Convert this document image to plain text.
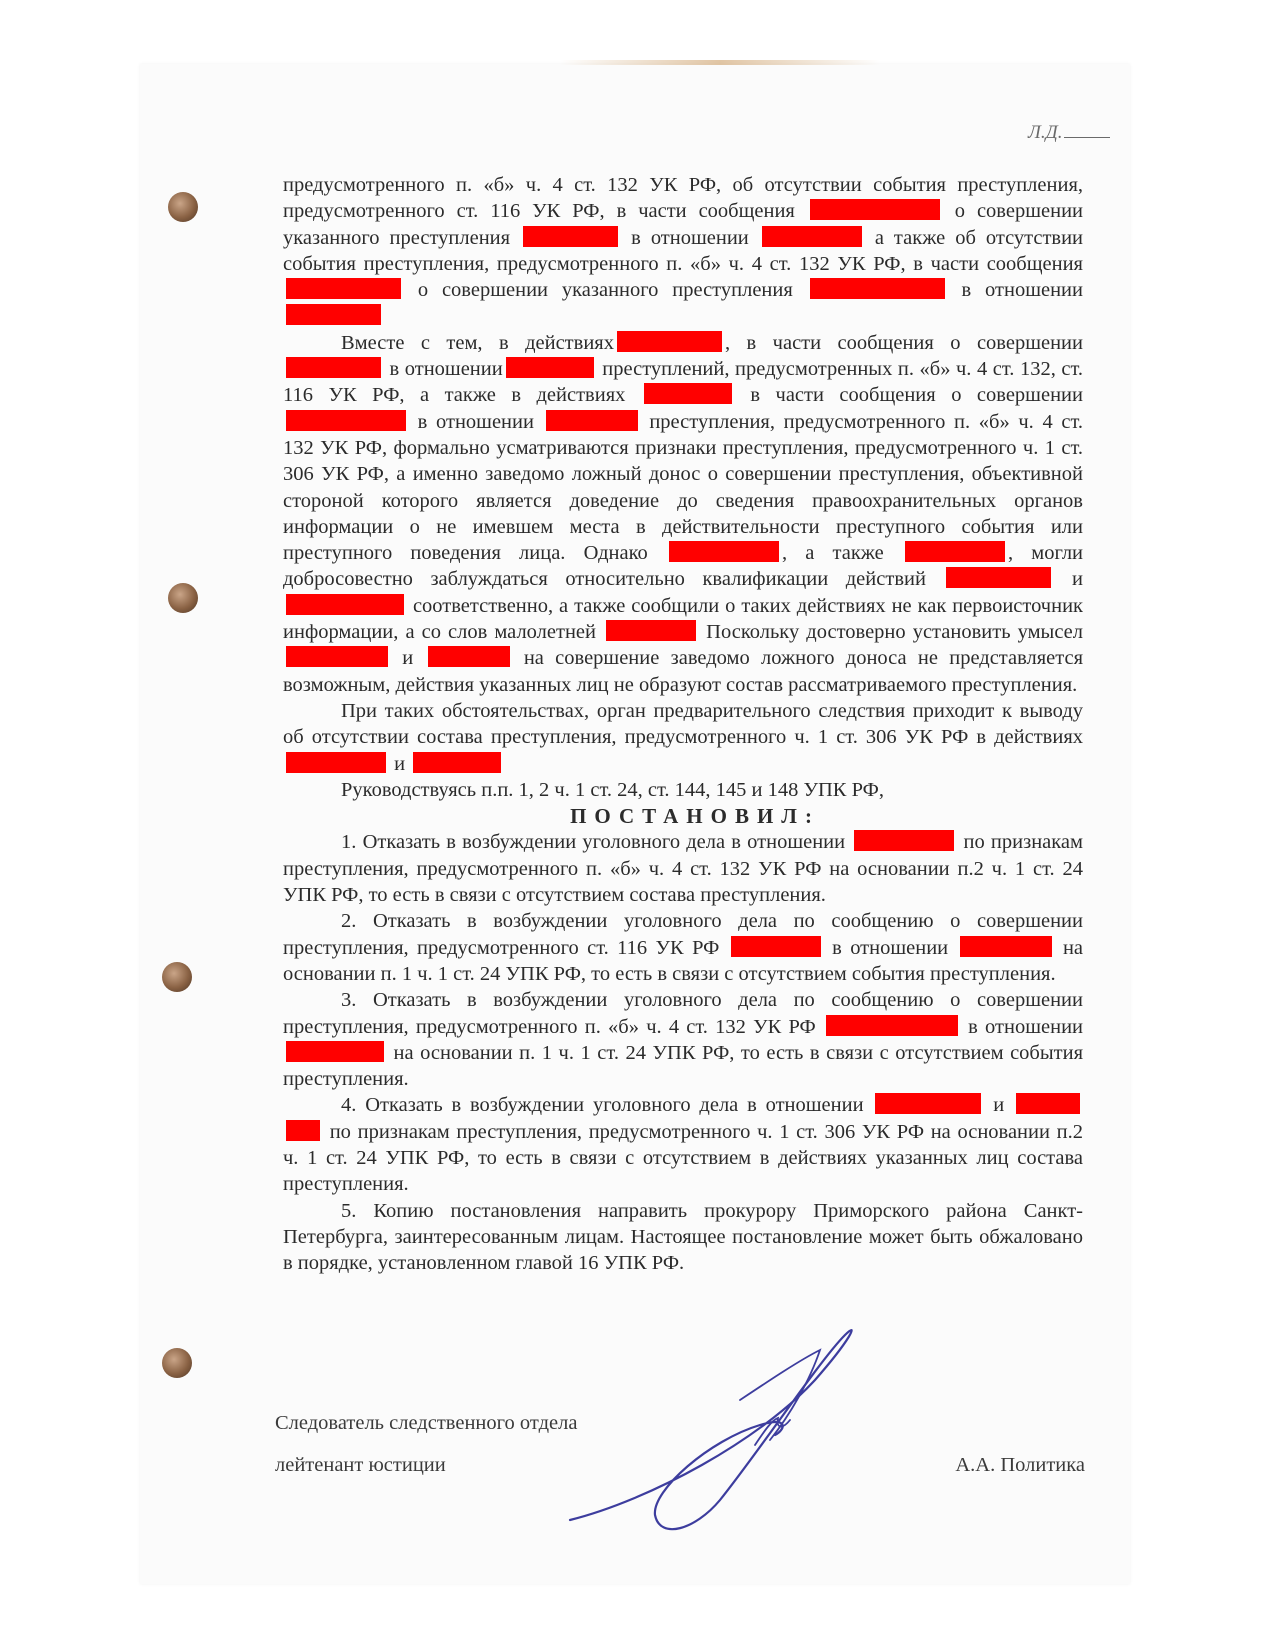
Л.Д.

предусмотренного п. «б» ч. 4 ст. 132 УК РФ, об отсутствии события преступления, предусмотренного ст. 116 УК РФ, в части сообщения	о совершении указанного преступления	в отношении	а также об отсутствии события преступления, предусмотренного п. «б» ч. 4 ст. 132 УК РФ, в части сообщения  о совершении указанного преступления	в отношении

Вместе с тем, в действиях	, в части сообщения о совершении  в отношении	преступлений, предусмотренных п. «б» ч. 4 ст. 132, ст. 116 УК РФ, а также в действиях	в части сообщения о совершении  в отношении	преступления, предусмотренного п. «б» ч. 4 ст. 132 УК РФ, формально усматриваются признаки преступления, предусмотренного ч. 1 ст. 306 УК РФ, а именно заведомо ложный донос о совершении преступления, объективной стороной которого является доведение до сведения правоохранительных органов информации о не имевшем места в действительности преступного события или преступного поведения лица. Однако	, а также	, могли добросовестно заблуждаться относительно квалификации действий	и  соответственно, а также сообщили о таких действиях не как первоисточник информации, а со слов малолетней	Поскольку достоверно установить умысел  и	на совершение заведомо ложного доноса не представляется возможным, действия указанных лиц не образуют состав рассматриваемого преступления.

При таких обстоятельствах, орган предварительного следствия приходит к выводу об отсутствии состава преступления, предусмотренного ч. 1 ст. 306 УК РФ в действиях  и

Руководствуясь п.п. 1, 2 ч. 1 ст. 24, ст. 144, 145 и 148 УПК РФ,

ПОСТАНОВИЛ:

1. Отказать в возбуждении уголовного дела в отношении	по признакам преступления, предусмотренного п. «б» ч. 4 ст. 132 УК РФ на основании п.2 ч. 1 ст. 24 УПК РФ, то есть в связи с отсутствием состава преступления.

2. Отказать в возбуждении уголовного дела по сообщению о совершении преступления, предусмотренного ст. 116 УК РФ	в отношении	на основании п. 1 ч. 1 ст. 24 УПК РФ, то есть в связи с отсутствием события преступления.

3. Отказать в возбуждении уголовного дела по сообщению о совершении преступления, предусмотренного п. «б» ч. 4 ст. 132 УК РФ	в отношении  на основании п. 1 ч. 1 ст. 24 УПК РФ, то есть в связи с отсутствием события преступления.

4. Отказать в возбуждении уголовного дела в отношении	и   по признакам преступления, предусмотренного ч. 1 ст. 306 УК РФ на основании п.2 ч. 1 ст. 24 УПК РФ, то есть в связи с отсутствием в действиях указанных лиц состава преступления.

5. Копию постановления направить прокурору Приморского района Санкт-Петербурга, заинтересованным лицам. Настоящее постановление может быть обжаловано в порядке, установленном главой 16 УПК РФ.

Следователь следственного отдела
лейтенант юстиции	А.А. Политика
